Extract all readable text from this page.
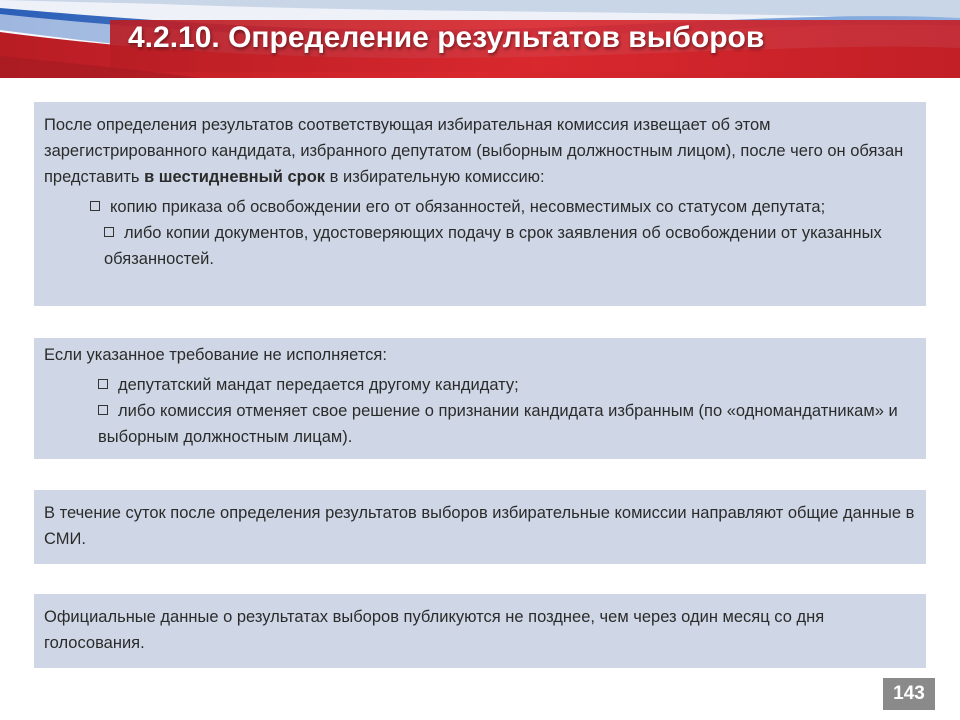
4.2.10. Определение результатов выборов

После определения результатов соответствующая избирательная комиссия извещает об этом зарегистрированного кандидата, избранного депутатом (выборным должностным лицом), после чего он обязан представить в шестидневный срок в избирательную комиссию:

копию приказа об освобождении его от обязанностей, несовместимых со статусом депутата;
либо копии документов, удостоверяющих подачу в срок заявления об освобождении от указанных обязанностей.

Если указанное требование не исполняется:

депутатский мандат передается другому кандидату;
либо комиссия отменяет свое решение о признании кандидата избранным (по «одномандатникам» и выборным должностным лицам).

В течение суток после определения результатов выборов избирательные комиссии направляют общие данные в СМИ.

Официальные данные о результатах выборов публикуются не позднее, чем через один месяц со дня голосования.

143
